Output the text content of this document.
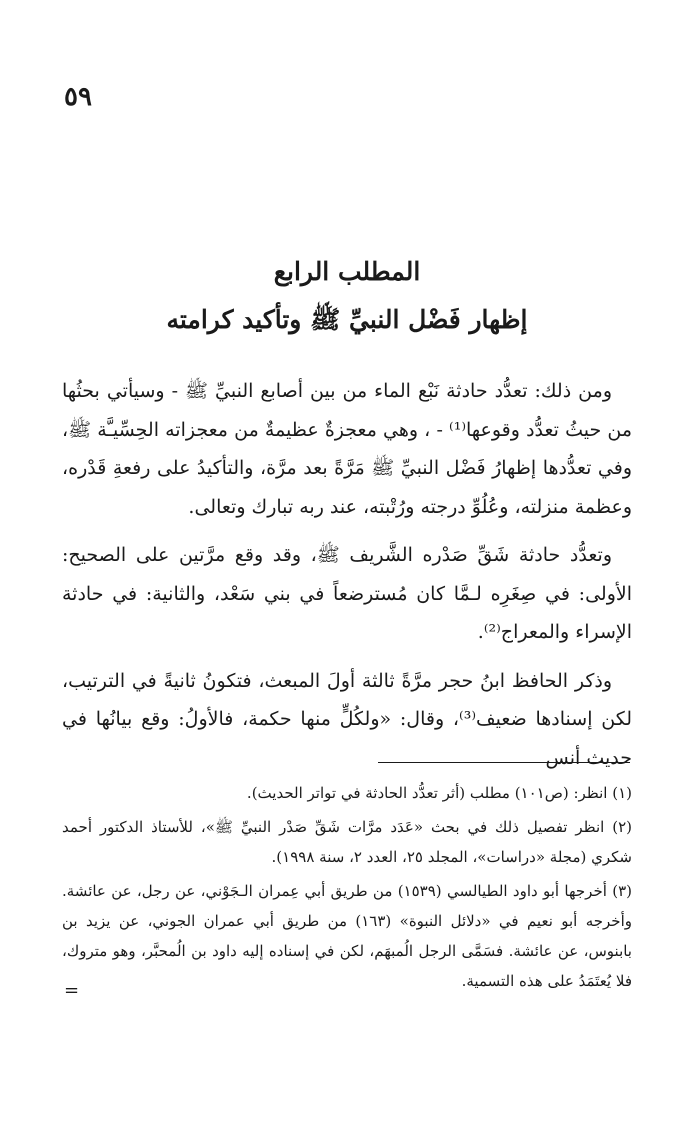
٥٩
المطلب الرابع
إظهار فَضْل النبيِّ ﷺ وتأكيد كرامته

ومن ذلك: تعدُّد حادثة نَبْع الماء من بين أصابع النبيِّ ﷺ - وسيأتي بحثُها من حيثُ تعدُّد وقوعها⁽¹⁾ - ، وهي معجزةٌ عظيمةٌ من معجزاته الحِسِّيـَّة ﷺ، وفي تعدُّدها إظهارُ فَضْل النبيِّ ﷺ مَرَّةً بعد مرَّة، والتأكيدُ على رفعةِ قَدْره، وعظمة منزلته، وعُلُوِّ درجته ورُتْبته، عند ربه تبارك وتعالى.

وتعدُّد حادثة شَقِّ صَدْره الشَّريف ﷺ، وقد وقع مرَّتين على الصحيح: الأولى: في صِغَرِه لـمَّا كان مُسترضعاً في بني سَعْد، والثانية: في حادثة الإسراء والمعراج⁽²⁾.

وذكر الحافظ ابنُ حجر مرَّةً ثالثة أولَ المبعث، فتكونُ ثانيةً في الترتيب، لكن إسنادها ضعيف⁽³⁾، وقال: «ولكُلٍّ منها حكمة، فالأولُ: وقع بيانُها في حديث أنس

(١) انظر: (ص١٠١) مطلب (أثر تعدُّد الحادثة في تواتر الحديث).

(٢) انظر تفصيل ذلك في بحث «عَدَد مرَّات شَقِّ صَدْر النبيِّ ﷺ»، للأستاذ الدكتور أحمد شكري (مجلة «دراسات»، المجلد ٢٥، العدد ٢، سنة ١٩٩٨).

(٣) أخرجها أبو داود الطيالسي (١٥٣٩) من طريق أبي عِمران الـجَوْني، عن رجل، عن عائشة. وأخرجه أبو نعيم في «دلائل النبوة» (١٦٣) من طريق أبي عمران الجوني، عن يزيد بن بابنوس، عن عائشة. فسَمَّى الرجل الُمبهَم، لكن في إسناده إليه داود بن الُمحبَّر، وهو متروك، فلا يُعتَمَدُ على هذه التسمية.

=
